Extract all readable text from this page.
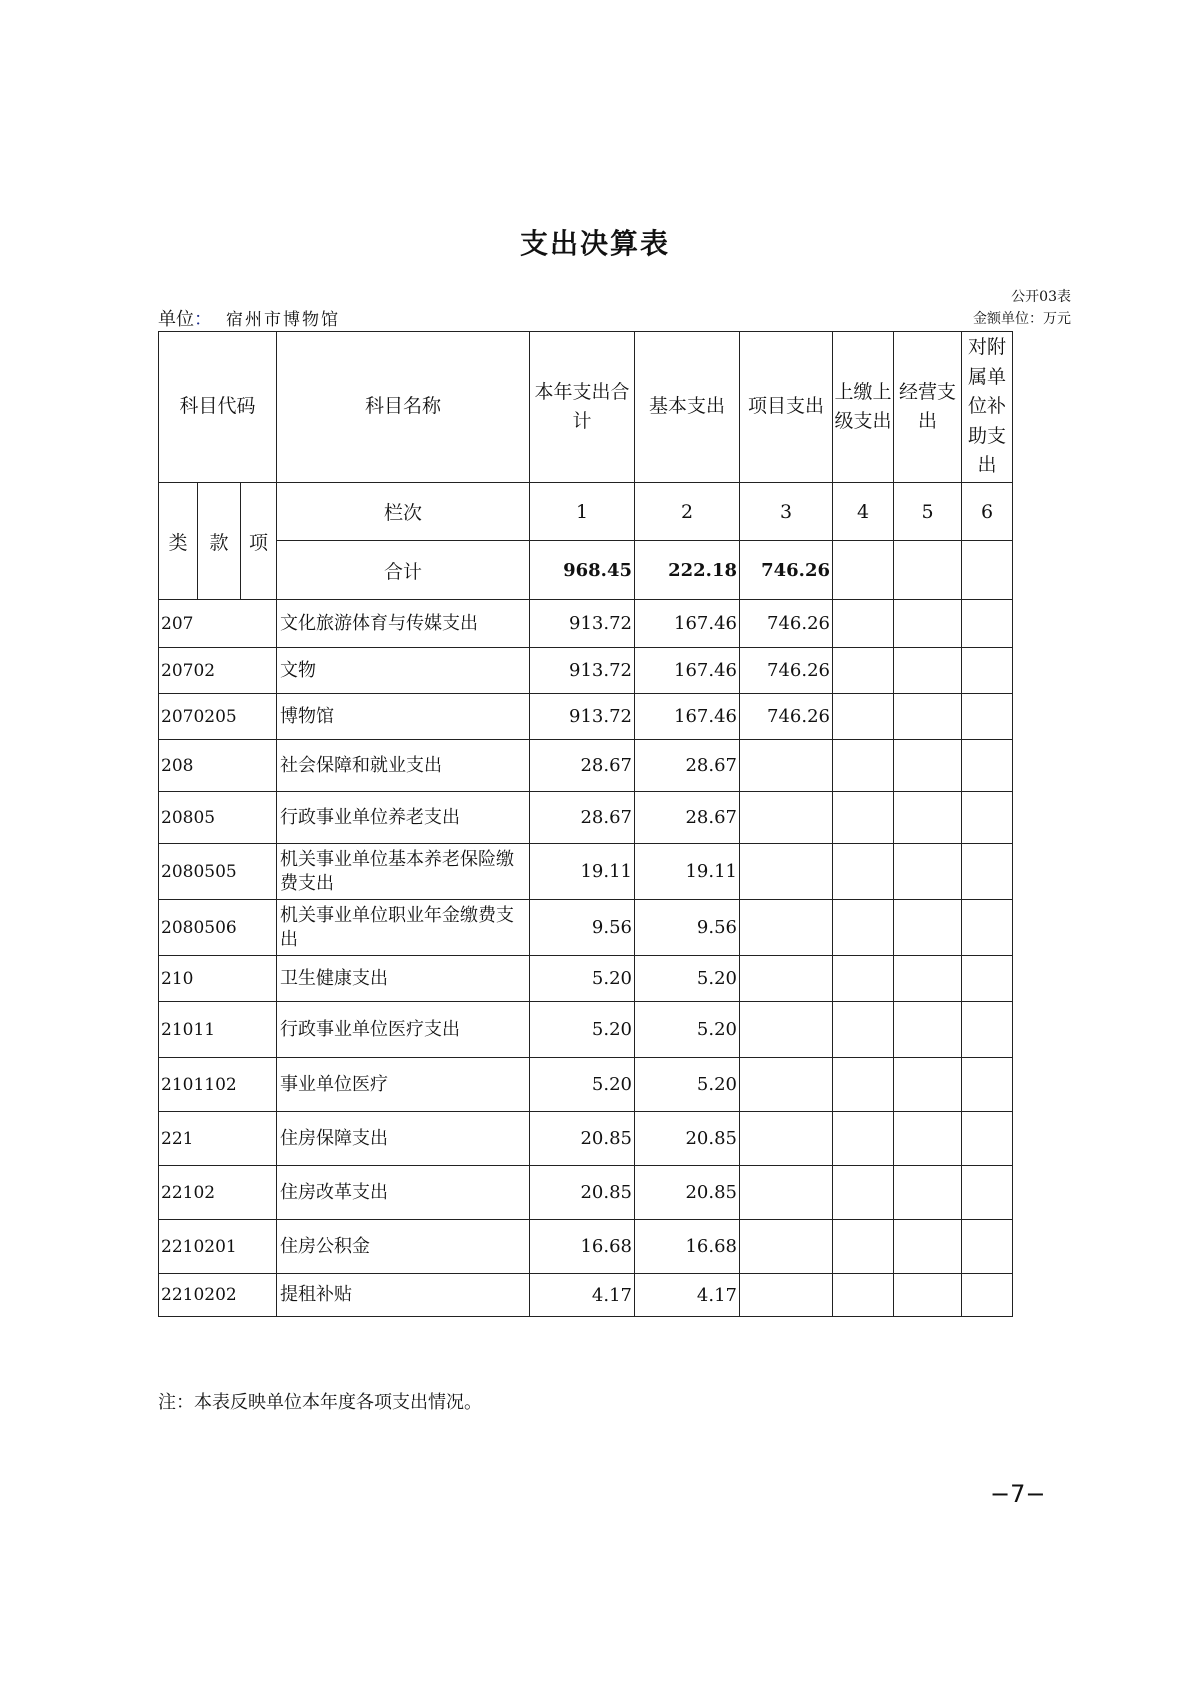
支出决算表
公开03表
金额单位：万元
单位： 宿州市博物馆
科目代码			科目名称	本年支出合计	基本支出	项目支出	上缴上级支出	经营支出	对附属单位补助支出
类	款	项	栏次	1	2	3	4	5	6
			合计	968.45	222.18	746.26			
207			文化旅游体育与传媒支出	913.72	167.46	746.26			
20702			文物	913.72	167.46	746.26			
2070205			博物馆	913.72	167.46	746.26			
208			社会保障和就业支出	28.67	28.67				
20805			行政事业单位养老支出	28.67	28.67				
2080505			机关事业单位基本养老保险缴费支出	19.11	19.11				
2080506			机关事业单位职业年金缴费支出	9.56	9.56				
210			卫生健康支出	5.20	5.20				
21011			行政事业单位医疗支出	5.20	5.20				
2101102			事业单位医疗	5.20	5.20				
221			住房保障支出	20.85	20.85				
22102			住房改革支出	20.85	20.85				
2210201			住房公积金	16.68	16.68				
2210202			提租补贴	4.17	4.17				
注：本表反映单位本年度各项支出情况。
−7−
